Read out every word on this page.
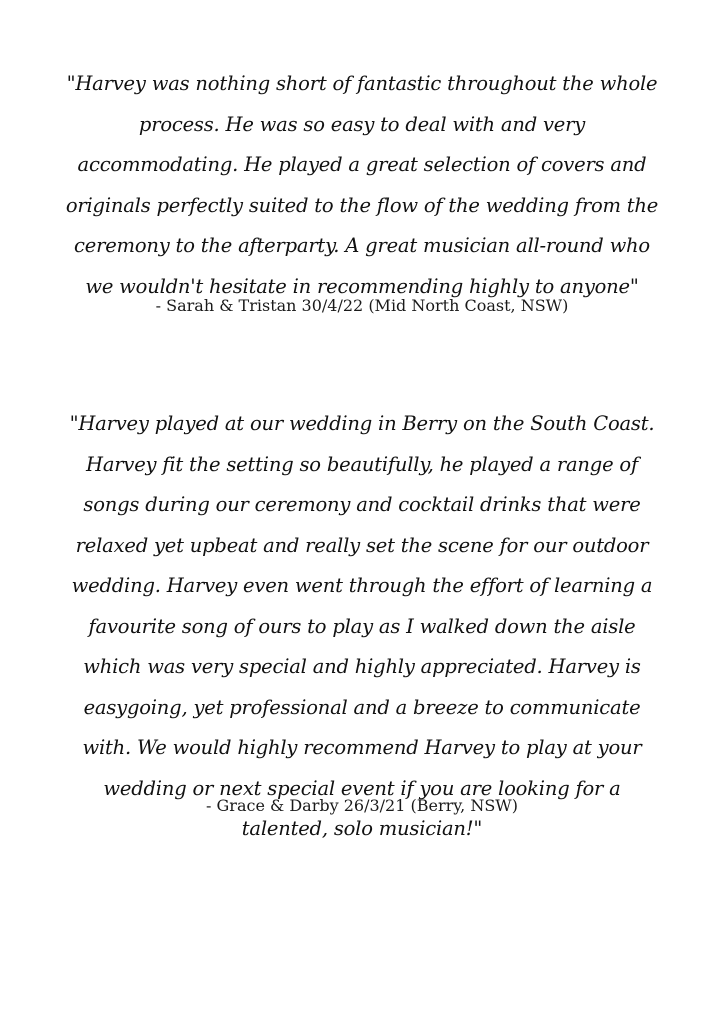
"Harvey was nothing short of fantastic throughout the whole process. He was so easy to deal with and very accommodating. He played a great selection of covers and originals perfectly suited to the flow of the wedding from the ceremony to the afterparty. A great musician all-round who we wouldn't hesitate in recommending highly to anyone"

- Sarah & Tristan 30/4/22 (Mid North Coast, NSW)

"Harvey played at our wedding in Berry on the South Coast. Harvey fit the setting so beautifully, he played a range of songs during our ceremony and cocktail drinks that were relaxed yet upbeat and really set the scene for our outdoor wedding. Harvey even went through the effort of learning a favourite song of ours to play as I walked down the aisle which was very special and highly appreciated. Harvey is easygoing, yet professional and a breeze to communicate with. We would highly recommend Harvey to play at your wedding or next special event if you are looking for a talented, solo musician!"

- Grace & Darby 26/3/21 (Berry, NSW)
